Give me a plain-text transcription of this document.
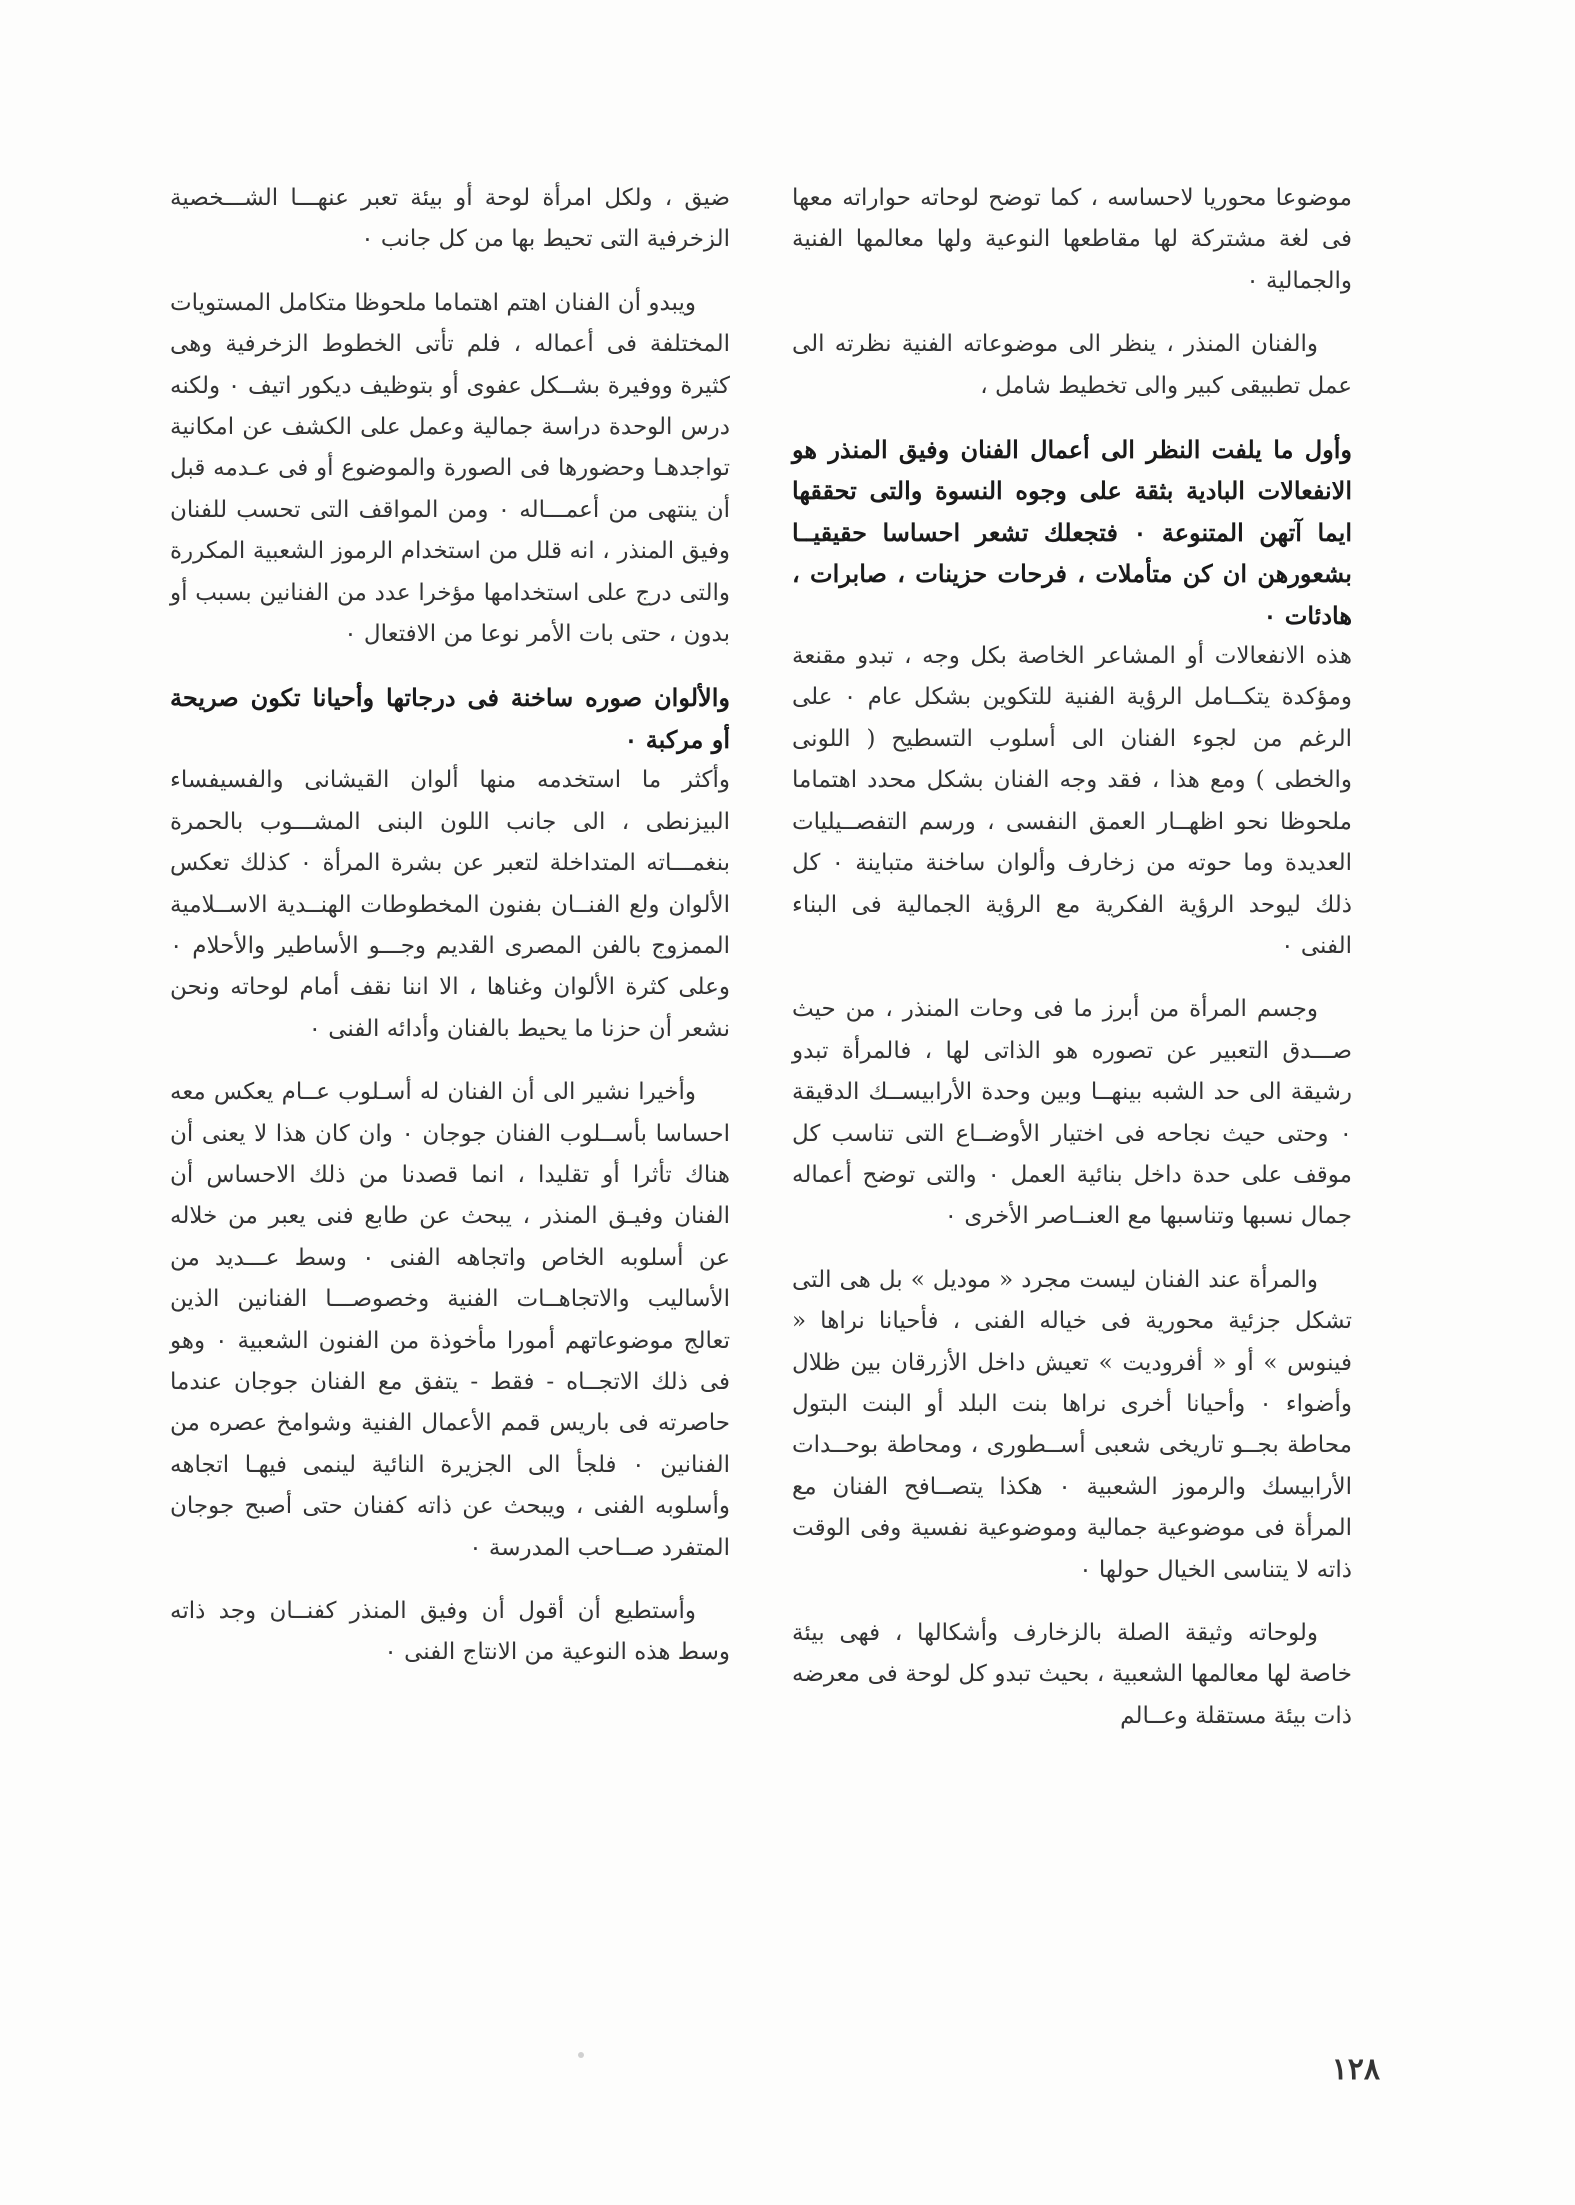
موضوعا محوريا لاحساسه ، كما توضح لوحاته حواراته معها فى لغة مشتركة لها مقاطعها النوعية ولها معالمها الفنية والجمالية ٠

والفنان المنذر ، ينظر الى موضوعاته الفنية نظرته الى عمل تطبيقى كبير والى تخطيط شامل ،

وأول ما يلفت النظر الى أعمال الفنان وفيق المنذر هو الانفعالات البادية بثقة على وجوه النسوة والتى تحققها ايما آتهن المتنوعة ٠ فتجعلك تشعر احساسا حقيقيــا بشعورهن ان كن متأملات ، فرحات حزينات ، صابرات ، هادئات ٠

هذه الانفعالات أو المشاعر الخاصة بكل وجه ، تبدو مقنعة ومؤكدة يتكــامل الرؤية الفنية للتكوين بشكل عام ٠ على الرغم من لجوء الفنان الى أسلوب التسطيح ( اللونى والخطى ) ومع هذا ، فقد وجه الفنان بشكل محدد اهتماما ملحوظا نحو اظهــار العمق النفسى ، ورسم التفصــيليات العديدة وما حوته من زخارف وألوان ساخنة متباينة ٠ كل ذلك ليوحد الرؤية الفكرية مع الرؤية الجمالية فى البناء الفنى ٠

وجسم المرأة من أبرز ما فى وحات المنذر ، من حيث صـــدق التعبير عن تصوره هو الذاتى لها ، فالمرأة تبدو رشيقة الى حد الشبه بينهــا وبين وحدة الأرابيســك الدقيقة ٠ وحتى حيث نجاحه فى اختيار الأوضــاع التى تناسب كل موقف على حدة داخل بنائية العمل ٠ والتى توضح أعماله جمال نسبها وتناسبها مع العنــاصر الأخرى ٠

والمرأة عند الفنان ليست مجرد « موديل » بل هى التى تشكل جزئية محورية فى خياله الفنى ، فأحيانا نراها « فينوس » أو « أفروديت » تعيش داخل الأزرقان بين ظلال وأضواء ٠ وأحيانا أخرى نراها بنت البلد أو البنت البتول محاطة بجــو تاريخى شعبى أســطورى ، ومحاطة بوحــدات الأرابيسك والرموز الشعبية ٠ هكذا يتصــافح الفنان مع المرأة فى موضوعية جمالية وموضوعية نفسية وفى الوقت ذاته لا يتناسى الخيال حولها ٠

ولوحاته وثيقة الصلة بالزخارف وأشكالها ، فهى بيئة خاصة لها معالمها الشعبية ، بحيث تبدو كل لوحة فى معرضه ذات بيئة مستقلة وعــالم

ضيق ، ولكل امرأة لوحة أو بيئة تعبر عنهـــا الشـــخصية الزخرفية التى تحيط بها من كل جانب ٠

ويبدو أن الفنان اهتم اهتماما ملحوظا متكامل المستويات المختلفة فى أعماله ، فلم تأتى الخطوط الزخرفية وهى كثيرة ووفيرة بشــكل عفوى أو بتوظيف ديكور اتيف ٠ ولكنه درس الوحدة دراسة جمالية وعمل على الكشف عن امكانية تواجدهـا وحضورها فى الصورة والموضوع أو فى عـدمه قبل أن ينتهى من أعمـــاله ٠ ومن المواقف التى تحسب للفنان وفيق المنذر ، انه قلل من استخدام الرموز الشعبية المكررة والتى درج على استخدامها مؤخرا عدد من الفنانين بسبب أو بدون ، حتى بات الأمر نوعا من الافتعال ٠

والألوان صوره ساخنة فى درجاتها وأحيانا تكون صريحة أو مركبة ٠

وأكثر ما استخدمه منها ألوان القيشانى والفسيفساء البيزنطى ، الى جانب اللون البنى المشـــوب بالحمرة بنغمـــاته المتداخلة لتعبر عن بشرة المرأة ٠ كذلك تعكس الألوان ولع الفنــان بفنون المخطوطات الهنــدية الاســلامية الممزوج بالفن المصرى القديم وجـــو الأساطير والأحلام ٠ وعلى كثرة الألوان وغناها ، الا اننا نقف أمام لوحاته ونحن نشعر أن حزنا ما يحيط بالفنان وأدائه الفنى ٠

وأخيرا نشير الى أن الفنان له أسـلوب عــام يعكس معه احساسا بأســلوب الفنان جوجان ٠ وان كان هذا لا يعنى أن هناك تأثرا أو تقليدا ، انما قصدنا من ذلك الاحساس أن الفنان وفيـق المنذر ، يبحث عن طابع فنى يعبر من خلاله عن أسلوبه الخاص واتجاهه الفنى ٠ وسط عـــديد من الأساليب والاتجاهــات الفنية وخصوصـــا الفنانين الذين تعالج موضوعاتهم أمورا مأخوذة من الفنون الشعبية ٠ وهو فى ذلك الاتجــاه - فقط - يتفق مع الفنان جوجان عندما حاصرته فى باريس قمم الأعمال الفنية وشوامخ عصره من الفنانين ٠ فلجأ الى الجزيرة النائية لينمى فيهـا اتجاهه وأسلوبه الفنى ، ويبحث عن ذاته كفنان حتى أصبح جوجان المتفرد صــاحب المدرسة ٠

وأستطيع أن أقول أن وفيق المنذر كفنــان وجد ذاته وسط هذه النوعية من الانتاج الفنى ٠

١٢٨
